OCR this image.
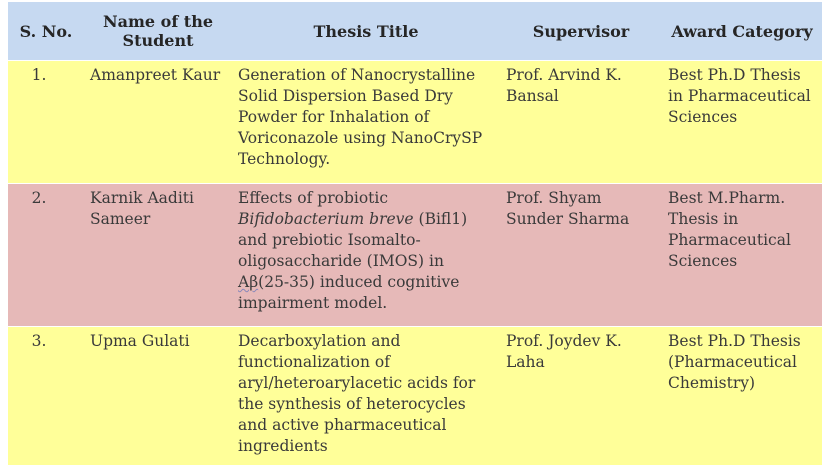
S. No.	Name of the Student	Thesis Title	Supervisor	Award Category
1.	Amanpreet Kaur	Generation of Nanocrystalline Solid Dispersion Based Dry Powder for Inhalation of Voriconazole using NanoCrySP Technology.	Prof. Arvind K. Bansal	Best Ph.D Thesis in Pharmaceutical Sciences
2.	Karnik Aaditi Sameer	Effects of probiotic Bifidobacterium breve (Bifl1) and prebiotic Isomalto-oligosaccharide (IMOS) in Aβ(25-35) induced cognitive impairment model.	Prof. Shyam Sunder Sharma	Best M.Pharm. Thesis in Pharmaceutical Sciences
3.	Upma Gulati	Decarboxylation and functionalization of aryl/heteroarylacetic acids for the synthesis of heterocycles and active pharmaceutical ingredients	Prof. Joydev K. Laha	Best Ph.D Thesis (Pharmaceutical Chemistry)
